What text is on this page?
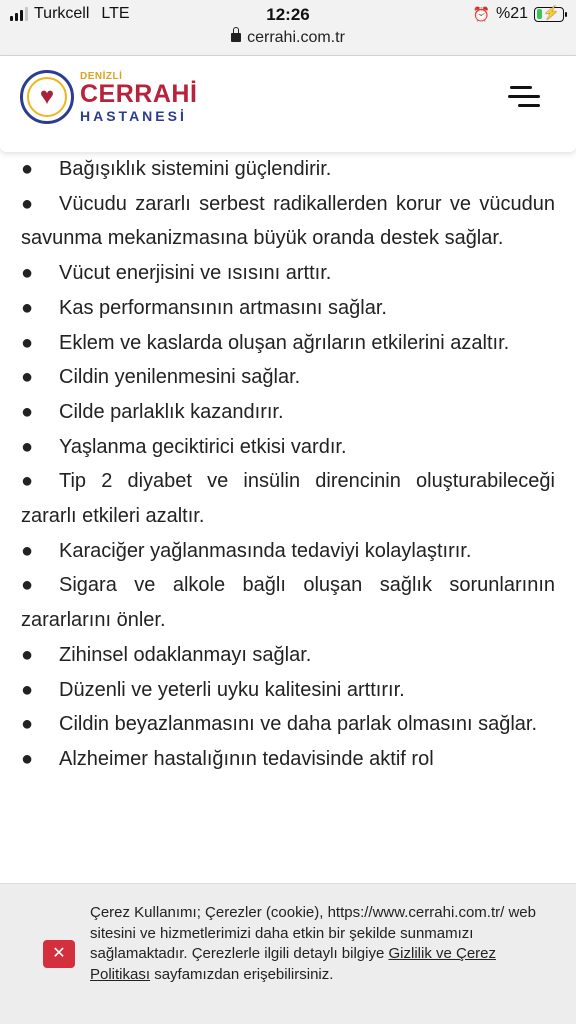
Turkcell LTE	12:26	⏰ %21 ⚡
cerrahi.com.tr
♥
DENİZLİ
CERRAHİ
HASTANESİ

● Bağışıklık sistemini güçlendirir.

● Vücudu zararlı serbest radikallerden korur ve vücudun savunma mekanizmasına büyük oranda destek sağlar.

● Vücut enerjisini ve ısısını arttır.

● Kas performansının artmasını sağlar.

● Eklem ve kaslarda oluşan ağrıların etkilerini azaltır.

● Cildin yenilenmesini sağlar.

● Cilde parlaklık kazandırır.

● Yaşlanma geciktirici etkisi vardır.

● Tip 2 diyabet ve insülin direncinin oluşturabileceği zararlı etkileri azaltır.

● Karaciğer yağlanmasında tedaviyi kolaylaştırır.

● Sigara ve alkole bağlı oluşan sağlık sorunlarının zararlarını önler.

● Zihinsel odaklanmayı sağlar.

● Düzenli ve yeterli uyku kalitesini arttırır.

● Cildin beyazlanmasını ve daha parlak olmasını sağlar.

● Alzheimer hastalığının tedavisinde aktif rol

✕

Çerez Kullanımı; Çerezler (cookie), https://www.cerrahi.com.tr/ web sitesini ve hizmetlerimizi daha etkin bir şekilde sunmamızı sağlamaktadır. Çerezlerle ilgili detaylı bilgiye Gizlilik ve Çerez Politikası sayfamızdan erişebilirsiniz.
